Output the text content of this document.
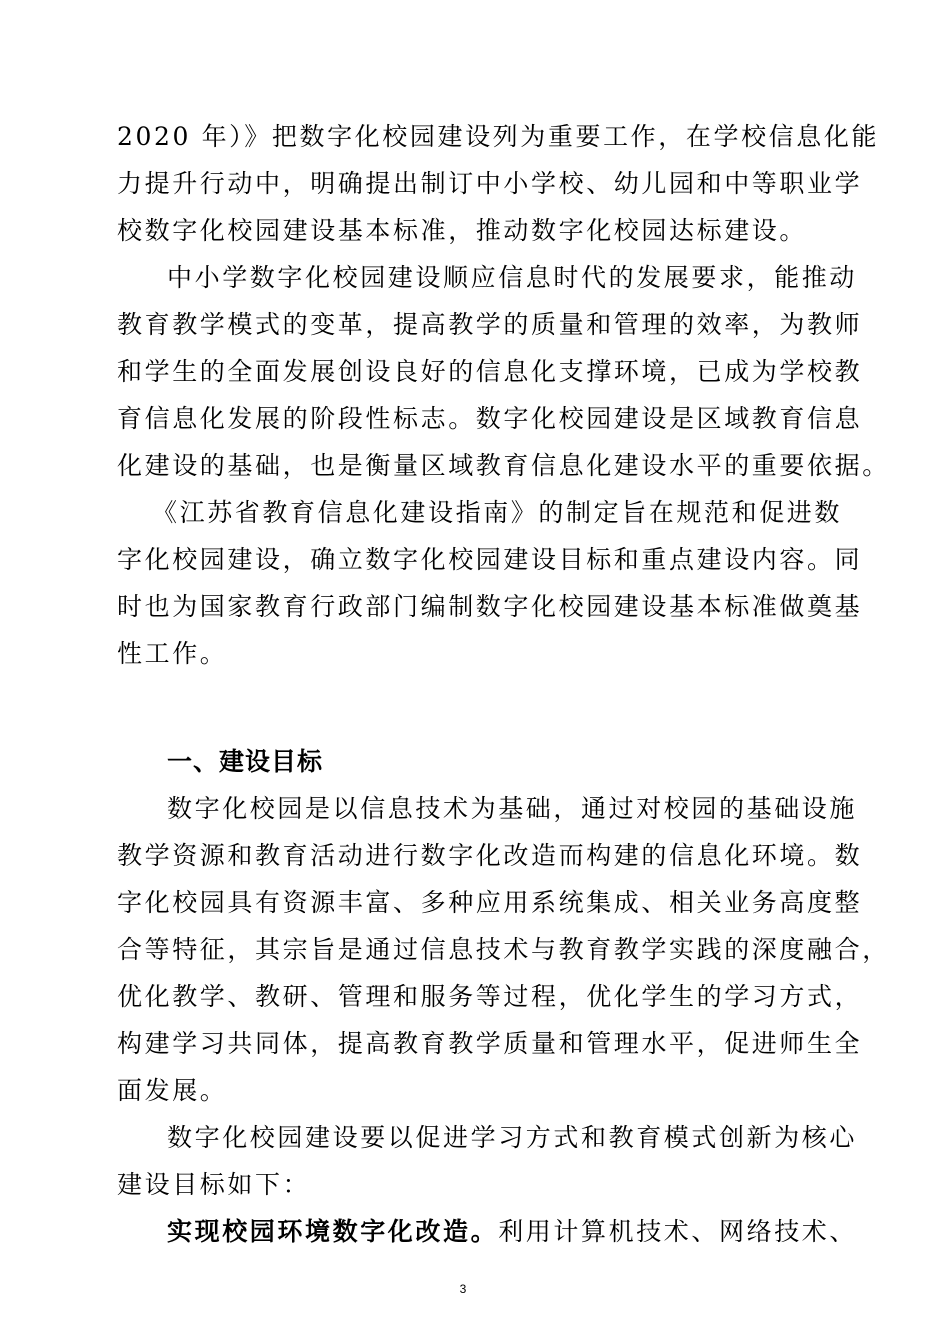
2020 年）》把数字化校园建设列为重要工作，在学校信息化能
力提升行动中，明确提出制订中小学校、幼儿园和中等职业学
校数字化校园建设基本标准，推动数字化校园达标建设。
中小学数字化校园建设顺应信息时代的发展要求，能推动
教育教学模式的变革，提高教学的质量和管理的效率，为教师
和学生的全面发展创设良好的信息化支撑环境，已成为学校教
育信息化发展的阶段性标志。数字化校园建设是区域教育信息
化建设的基础，也是衡量区域教育信息化建设水平的重要依据。
《江苏省教育信息化建设指南》的制定旨在规范和促进数
字化校园建设，确立数字化校园建设目标和重点建设内容。同
时也为国家教育行政部门编制数字化校园建设基本标准做奠基
性工作。
一、建设目标
数字化校园是以信息技术为基础，通过对校园的基础设施
教学资源和教育活动进行数字化改造而构建的信息化环境。数
字化校园具有资源丰富、多种应用系统集成、相关业务高度整
合等特征，其宗旨是通过信息技术与教育教学实践的深度融合，
优化教学、教研、管理和服务等过程，优化学生的学习方式，
构建学习共同体，提高教育教学质量和管理水平，促进师生全
面发展。
数字化校园建设要以促进学习方式和教育模式创新为核心
建设目标如下：
实现校园环境数字化改造。利用计算机技术、网络技术、
3
